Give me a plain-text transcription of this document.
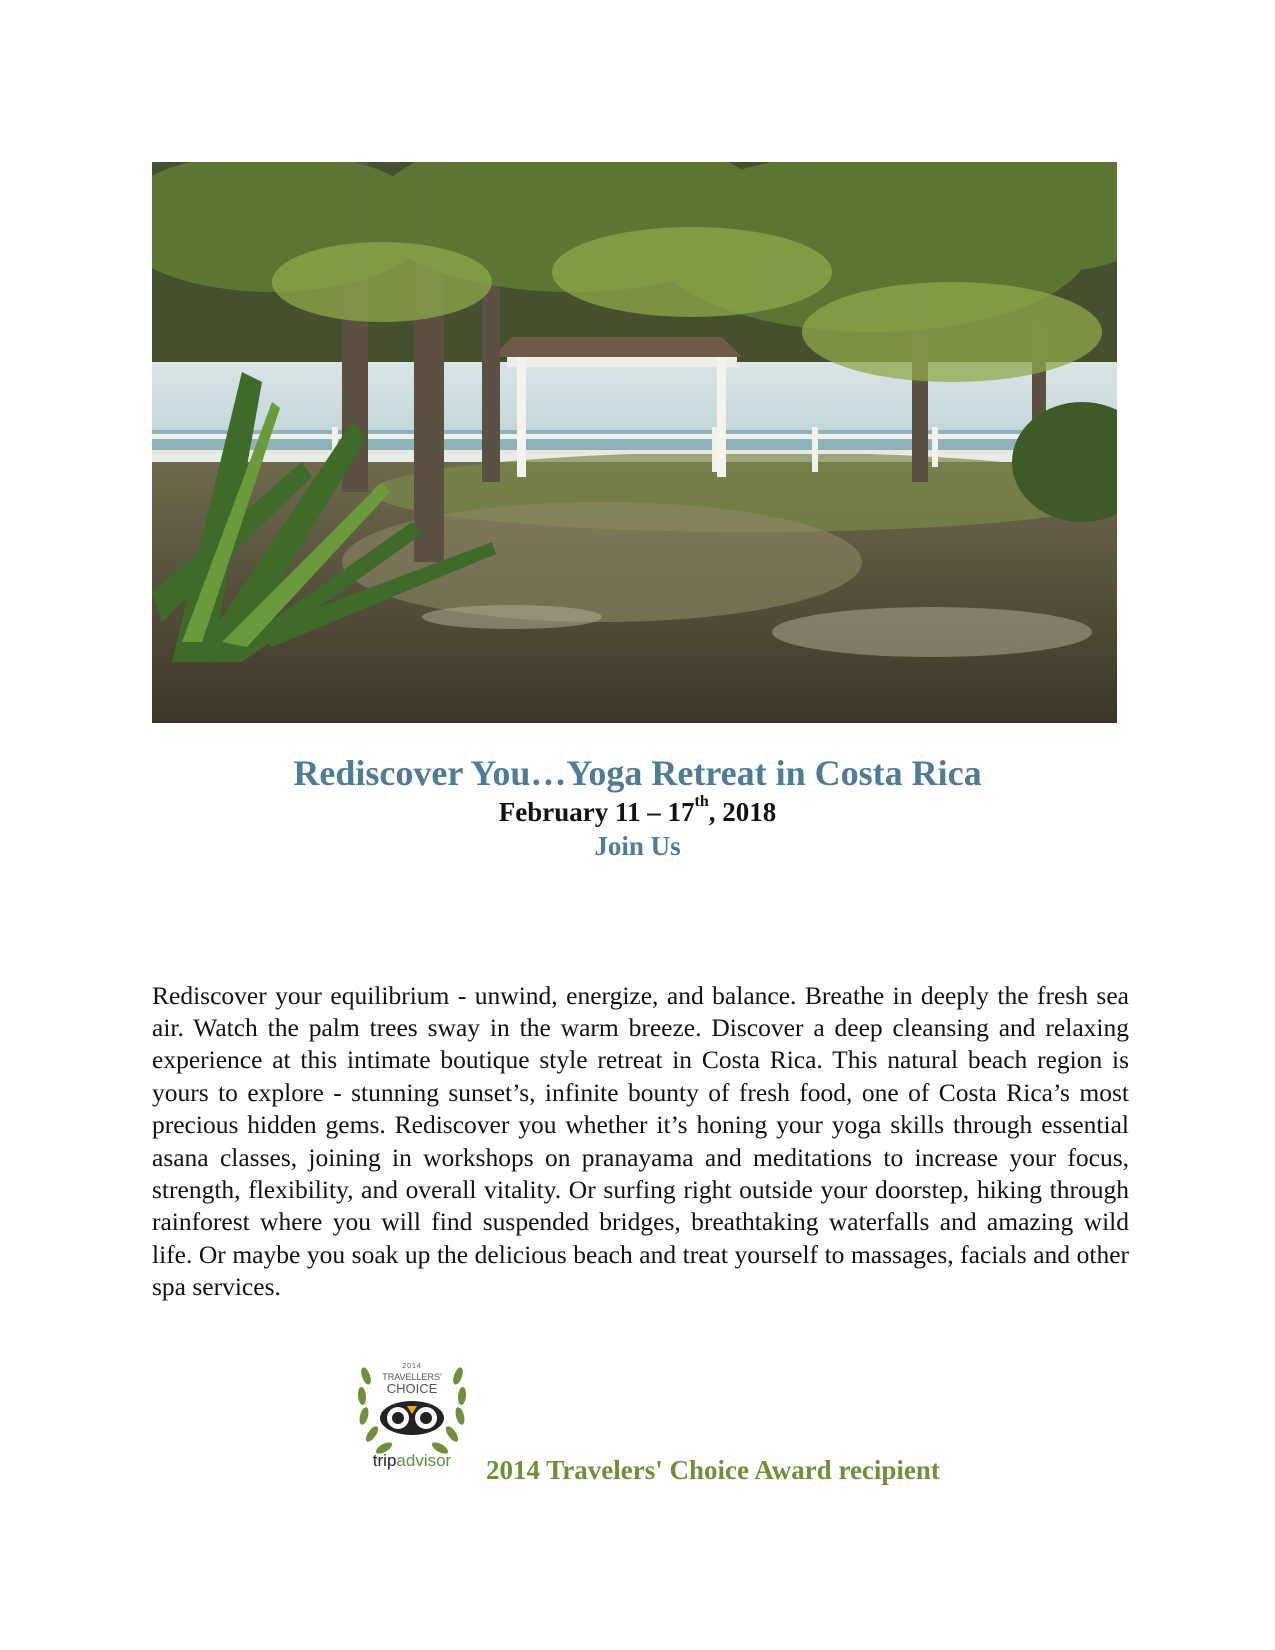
Rediscover You…Yoga Retreat in Costa Rica
February 11 – 17th, 2018
Join Us

Rediscover your equilibrium - unwind, energize, and balance. Breathe in deeply the fresh sea air. Watch the palm trees sway in the warm breeze. Discover a deep cleansing and relaxing experience at this intimate boutique style retreat in Costa Rica. This natural beach region is yours to explore - stunning sunset’s, infinite bounty of fresh food, one of Costa Rica’s most precious hidden gems. Rediscover you whether it’s honing your yoga skills through essential asana classes, joining in workshops on pranayama and meditations to increase your focus, strength, flexibility, and overall vitality. Or surfing right outside your doorstep, hiking through rainforest where you will find suspended bridges, breathtaking waterfalls and amazing wild life. Or maybe you soak up the delicious beach and treat yourself to massages, facials and other spa services.

2014
TRAVELLERS'
CHOICE
tripadvisor 2014 Travelers' Choice Award recipient
